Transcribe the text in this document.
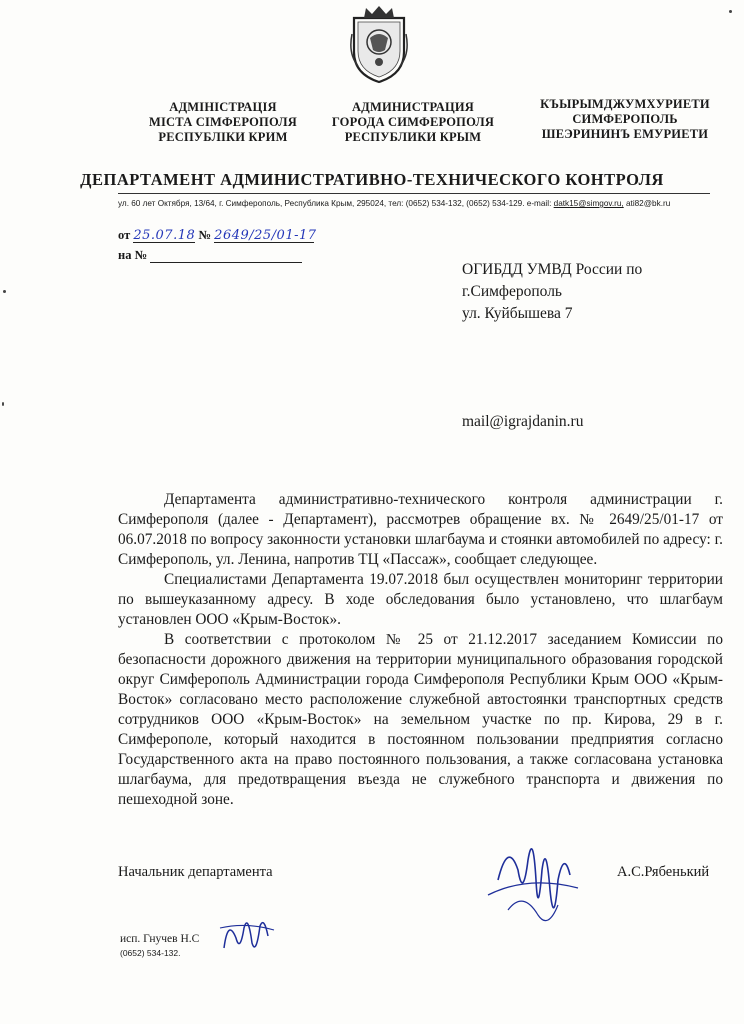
АДМІНІСТРАЦІЯ
МІСТА СІМФЕРОПОЛЯ
РЕСПУБЛІКИ КРИМ
АДМИНИСТРАЦИЯ
ГОРОДА СИМФЕРОПОЛЯ
РЕСПУБЛИКИ КРЫМ
КЪЫРЫМДЖУМХУРИЕТИ
СИМФЕРОПОЛЬ
ШЕЭРИНИНЪ ЕМУРИЕТИ
ДЕПАРТАМЕНТ АДМИНИСТРАТИВНО-ТЕХНИЧЕСКОГО КОНТРОЛЯ
ул. 60 лет Октября, 13/64, г. Симферополь, Республика Крым, 295024, тел: (0652) 534-132, (0652) 534-129. e-mail: datk15@simgov.ru, ati82@bk.ru
от 25.07.18 № 2649/25/01-17
на №
ОГИБДД УМВД России по
г.Симферополь
ул. Куйбышева 7
mail@igrajdanin.ru

Департамента административно-технического контроля администрации г. Симферополя (далее - Департамент), рассмотрев обращение вх. № 2649/25/01-17 от 06.07.2018 по вопросу законности установки шлагбаума и стоянки автомобилей по адресу: г. Симферополь, ул. Ленина, напротив ТЦ «Пассаж», сообщает следующее.

Специалистами Департамента 19.07.2018 был осуществлен мониторинг территории по вышеуказанному адресу. В ходе обследования было установлено, что шлагбаум установлен ООО «Крым-Восток».

В соответствии с протоколом № 25 от 21.12.2017 заседанием Комиссии по безопасности дорожного движения на территории муниципального образования городской округ Симферополь Администрации города Симферополя Республики Крым ООО «Крым-Восток» согласовано место расположение служебной автостоянки транспортных средств сотрудников ООО «Крым-Восток» на земельном участке по пр. Кирова, 29 в г. Симферополе, который находится в постоянном пользовании предприятия согласно Государственного акта на право постоянного пользования, а также согласована установка шлагбаума, для предотвращения въезда не служебного транспорта и движения по пешеходной зоне.

Начальник департамента	А.С.Рябенький
исп. Гнучев Н.С
(0652) 534-132.
